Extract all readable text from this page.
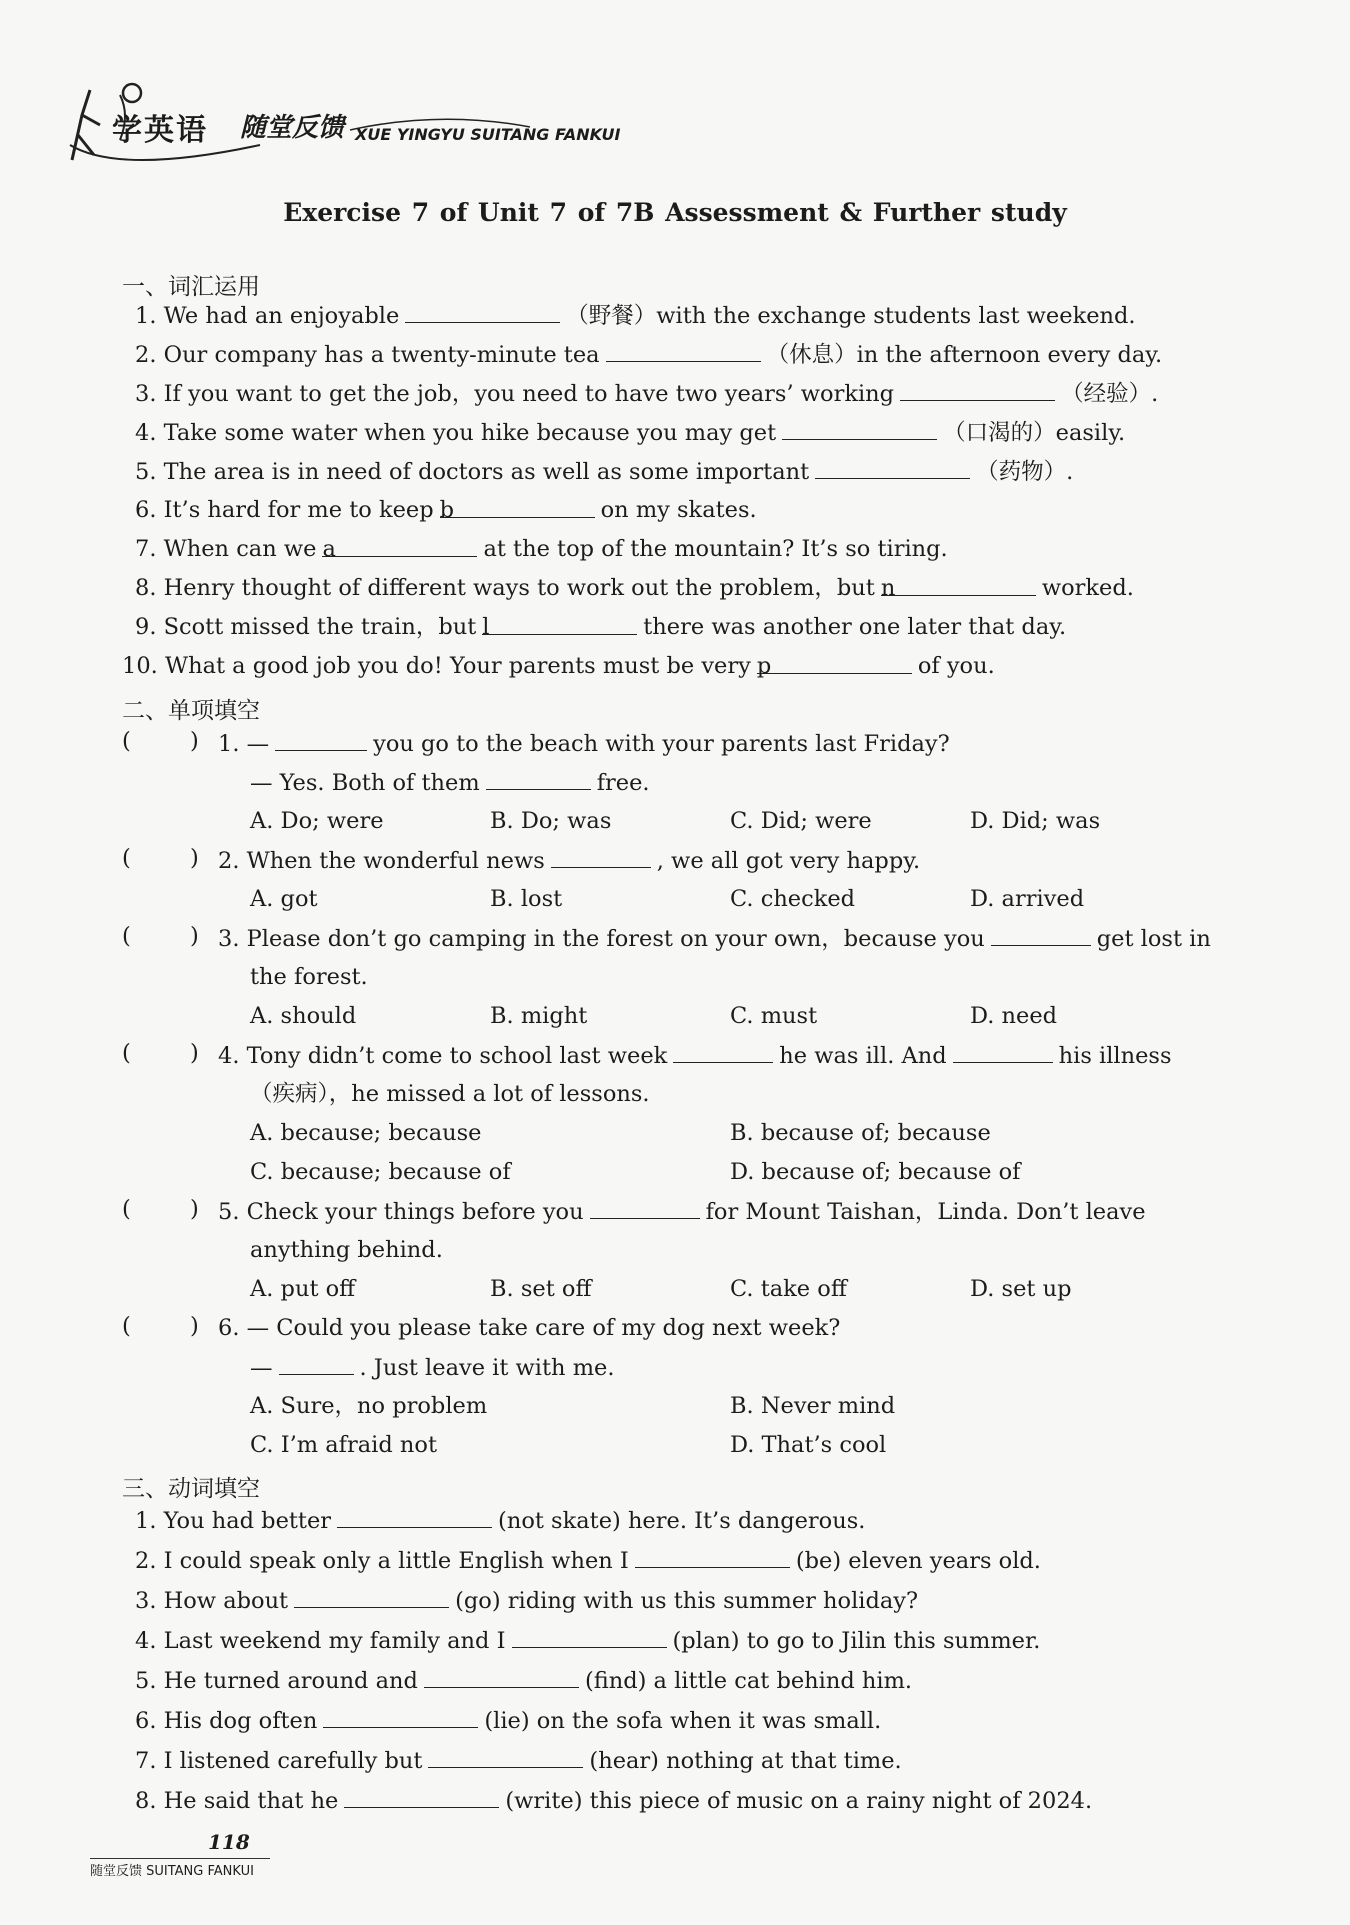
学英语 随堂反馈 XUE YINGYU SUITANG FANKUI
Exercise 7 of Unit 7 of 7B Assessment & Further study
一、词汇运用
1. We had an enjoyable	（野餐）with the exchange students last weekend.
2. Our company has a twenty-minute tea	（休息）in the afternoon every day.
3. If you want to get the job，you need to have two years’ working	（经验）.
4. Take some water when you hike because you may get	（口渴的）easily.
5. The area is in need of doctors as well as some important	（药物）.
6. It’s hard for me to keep b	on my skates.
7. When can we a	at the top of the mountain? It’s so tiring.
8. Henry thought of different ways to work out the problem，but n	worked.
9. Scott missed the train，but l	there was another one later that day.
10. What a good job you do! Your parents must be very p	of you.
二、单项填空
(	) 1. —	you go to the beach with your parents last Friday?
— Yes. Both of them	free.
A. Do; were	B. Do; was	C. Did; were	D. Did; was
(	) 2. When the wonderful news	, we all got very happy.
A. got	B. lost	C. checked	D. arrived
(	) 3. Please don’t go camping in the forest on your own，because you	get lost in
the forest.
A. should	B. might	C. must	D. need
(	) 4. Tony didn’t come to school last week	he was ill. And	his illness
（疾病），he missed a lot of lessons.
A. because; because	B. because of; because
C. because; because of	D. because of; because of
(	) 5. Check your things before you	for Mount Taishan，Linda. Don’t leave
anything behind.
A. put off	B. set off	C. take off	D. set up
(	) 6. — Could you please take care of my dog next week?
—	. Just leave it with me.
A. Sure，no problem	B. Never mind
C. I’m afraid not	D. That’s cool
三、动词填空
1. You had better	(not skate) here. It’s dangerous.
2. I could speak only a little English when I	(be) eleven years old.
3. How about	(go) riding with us this summer holiday?
4. Last weekend my family and I	(plan) to go to Jilin this summer.
5. He turned around and	(find) a little cat behind him.
6. His dog often	(lie) on the sofa when it was small.
7. I listened carefully but	(hear) nothing at that time.
8. He said that he	(write) this piece of music on a rainy night of 2024.
118
随堂反馈 SUITANG FANKUI
